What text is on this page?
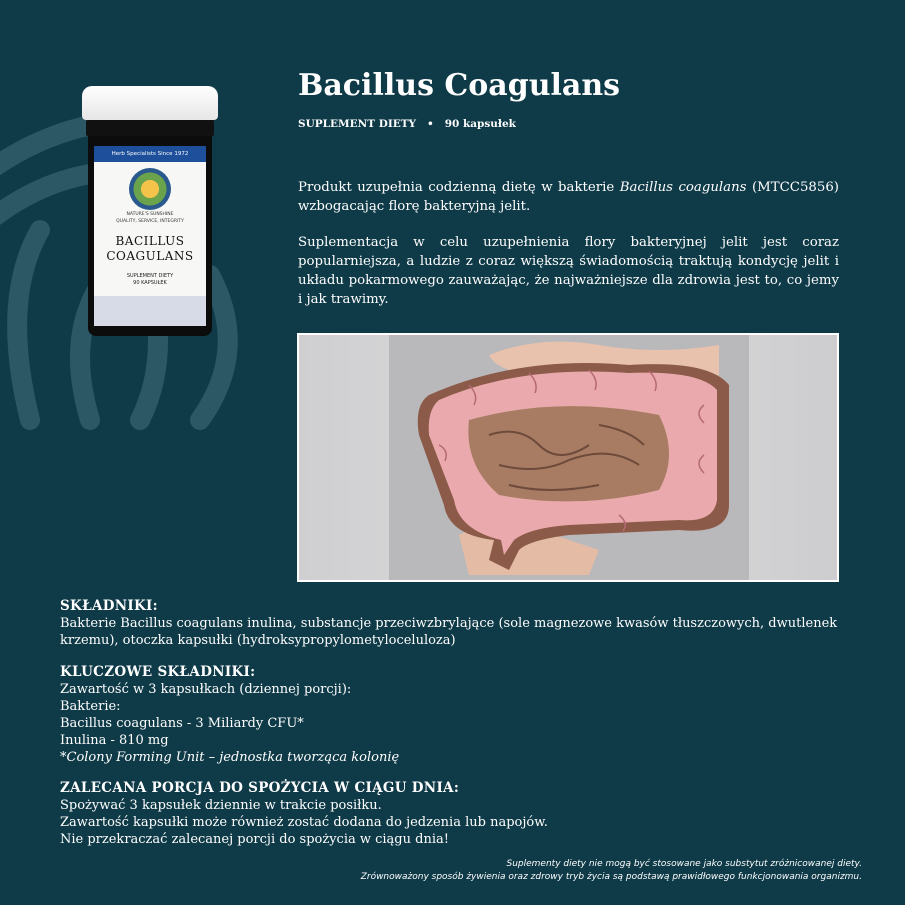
Herb Specialists Since 1972
NATURE'S SUNSHINE
QUALITY, SERVICE, INTEGRITY
BACILLUS
COAGULANS
SUPLEMENT DIETY
90 KAPSUŁEK
Bacillus Coagulans
SUPLEMENT DIETY • 90 kapsułek

Produkt uzupełnia codzienną dietę w bakterie Bacillus coagulans (MTCC5856) wzbogacając florę bakteryjną jelit.

Suplementacja w celu uzupełnienia flory bakteryjnej jelit jest coraz popularniejsza, a ludzie z coraz większą świadomością traktują kondycję jelit i układu pokarmowego zauważając, że najważniejsze dla zdrowia jest to, co jemy i jak trawimy.

SKŁADNIKI:

Bakterie Bacillus coagulans inulina, substancje przeciwzbrylające (sole magnezowe kwasów tłuszczowych, dwutlenek krzemu), otoczka kapsułki (hydroksypropylometyloceluloza)

KLUCZOWE SKŁADNIKI:

Zawartość w 3 kapsułkach (dziennej porcji):

Bakterie:

Bacillus coagulans - 3 Miliardy CFU*

Inulina - 810 mg

*Colony Forming Unit – jednostka tworząca kolonię

ZALECANA PORCJA DO SPOŻYCIA W CIĄGU DNIA:

Spożywać 3 kapsułek dziennie w trakcie posiłku.

Zawartość kapsułki może również zostać dodana do jedzenia lub napojów.

Nie przekraczać zalecanej porcji do spożycia w ciągu dnia!

Suplementy diety nie mogą być stosowane jako substytut zróżnicowanej diety.
Zrównoważony sposób żywienia oraz zdrowy tryb życia są podstawą prawidłowego funkcjonowania organizmu.
